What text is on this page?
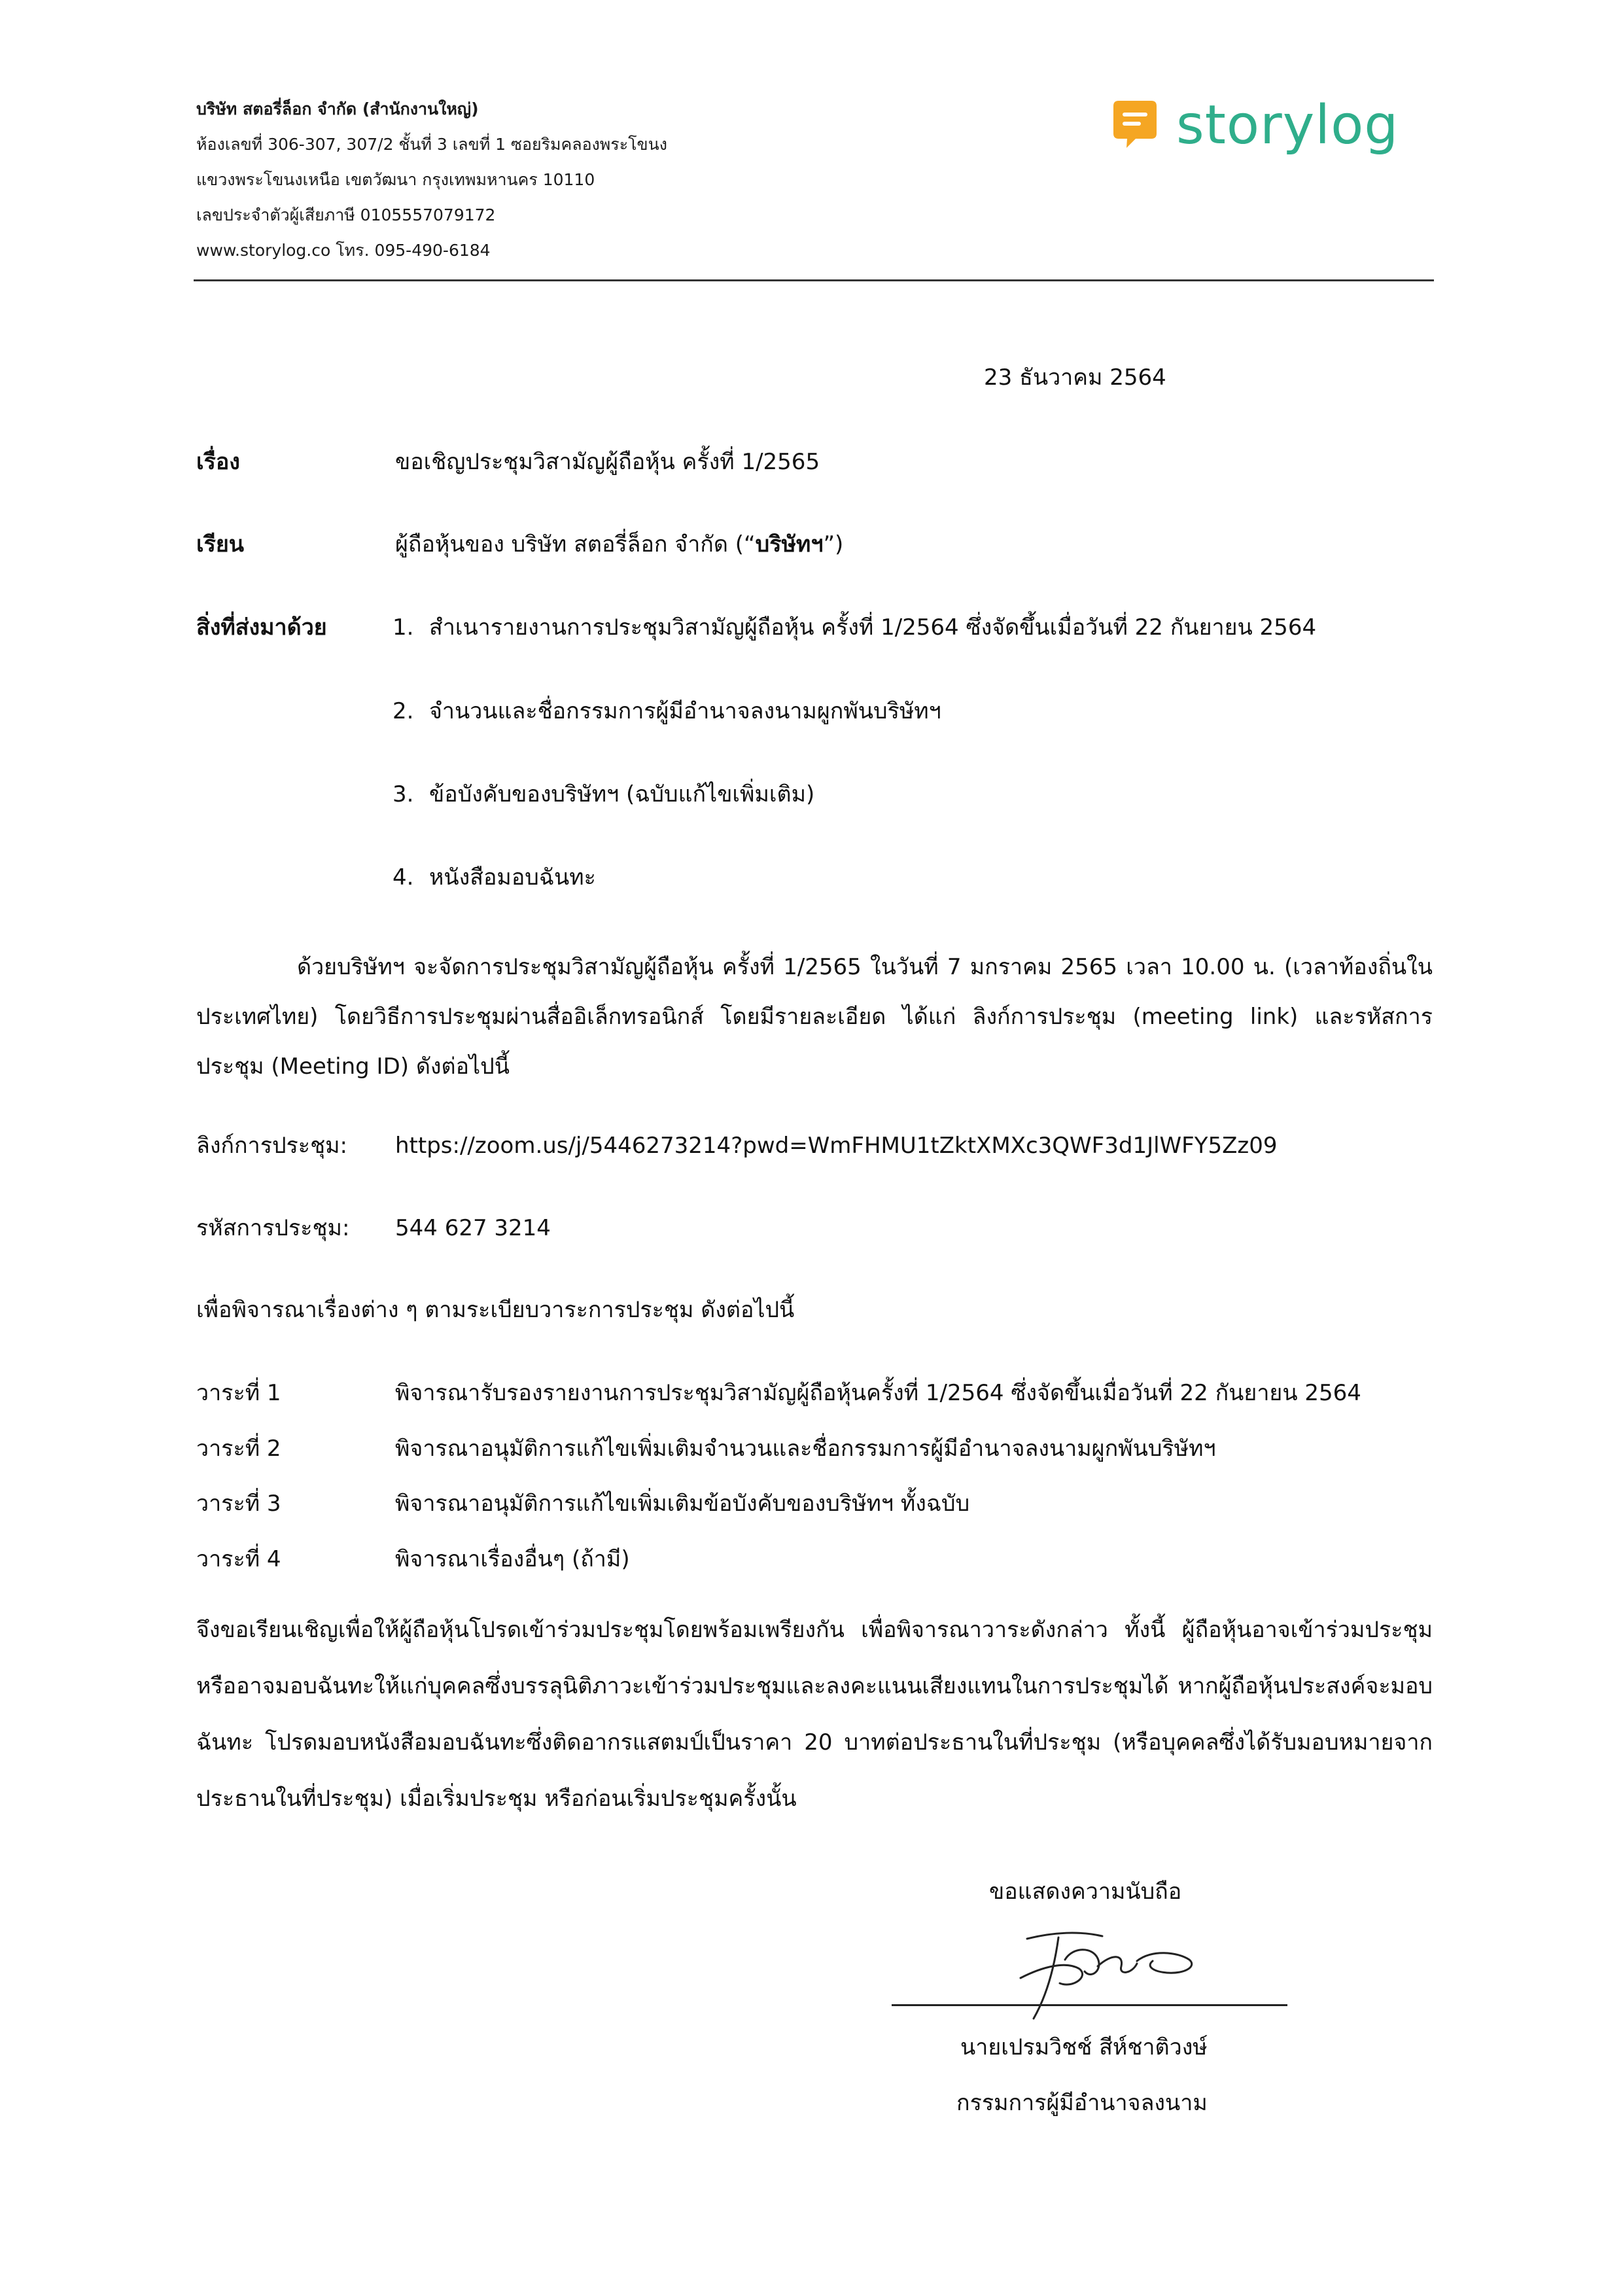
บริษัท สตอรี่ล็อก จำกัด (สำนักงานใหญ่)
ห้องเลขที่ 306-307, 307/2 ชั้นที่ 3 เลขที่ 1 ซอยริมคลองพระโขนง
แขวงพระโขนงเหนือ เขตวัฒนา กรุงเทพมหานคร 10110
เลขประจำตัวผู้เสียภาษี 0105557079172
www.storylog.co โทร. 095-490-6184
storylog
23 ธันวาคม 2564
เรื่อง	ขอเชิญประชุมวิสามัญผู้ถือหุ้น ครั้งที่ 1/2565
เรียน	ผู้ถือหุ้นของ บริษัท สตอรี่ล็อก จำกัด (“บริษัทฯ”)
สิ่งที่ส่งมาด้วย	1. สำเนารายงานการประชุมวิสามัญผู้ถือหุ้น ครั้งที่ 1/2564 ซึ่งจัดขึ้นเมื่อวันที่ 22 กันยายน 2564
2. จำนวนและชื่อกรรมการผู้มีอำนาจลงนามผูกพันบริษัทฯ
3. ข้อบังคับของบริษัทฯ (ฉบับแก้ไขเพิ่มเติม)
4. หนังสือมอบฉันทะ
ด้วยบริษัทฯ จะจัดการประชุมวิสามัญผู้ถือหุ้น ครั้งที่ 1/2565 ในวันที่ 7 มกราคม 2565 เวลา 10.00 น. (เวลาท้องถิ่นในประเทศไทย) โดยวิธีการประชุมผ่านสื่ออิเล็กทรอนิกส์ โดยมีรายละเอียด ได้แก่ ลิงก์การประชุม (meeting link) และรหัสการประชุม (Meeting ID) ดังต่อไปนี้
ลิงก์การประชุม: https://zoom.us/j/5446273214?pwd=WmFHMU1tZktXMXc3QWF3d1JlWFY5Zz09
รหัสการประชุม: 544 627 3214
เพื่อพิจารณาเรื่องต่าง ๆ ตามระเบียบวาระการประชุม ดังต่อไปนี้
วาระที่ 1	พิจารณารับรองรายงานการประชุมวิสามัญผู้ถือหุ้นครั้งที่ 1/2564 ซึ่งจัดขึ้นเมื่อวันที่ 22 กันยายน 2564
วาระที่ 2	พิจารณาอนุมัติการแก้ไขเพิ่มเติมจำนวนและชื่อกรรมการผู้มีอำนาจลงนามผูกพันบริษัทฯ
วาระที่ 3	พิจารณาอนุมัติการแก้ไขเพิ่มเติมข้อบังคับของบริษัทฯ ทั้งฉบับ
วาระที่ 4	พิจารณาเรื่องอื่นๆ (ถ้ามี)
จึงขอเรียนเชิญเพื่อให้ผู้ถือหุ้นโปรดเข้าร่วมประชุมโดยพร้อมเพรียงกัน เพื่อพิจารณาวาระดังกล่าว ทั้งนี้ ผู้ถือหุ้นอาจเข้าร่วมประชุม หรืออาจมอบฉันทะให้แก่บุคคลซึ่งบรรลุนิติภาวะเข้าร่วมประชุมและลงคะแนนเสียงแทนในการประชุมได้ หากผู้ถือหุ้นประสงค์จะมอบฉันทะ โปรดมอบหนังสือมอบฉันทะซึ่งติดอากรแสตมป์เป็นราคา 20 บาทต่อประธานในที่ประชุม (หรือบุคคลซึ่งได้รับมอบหมายจากประธานในที่ประชุม) เมื่อเริ่มประชุม หรือก่อนเริ่มประชุมครั้งนั้น
ขอแสดงความนับถือ
นายเปรมวิชช์ สีห์ชาติวงษ์
กรรมการผู้มีอำนาจลงนาม
